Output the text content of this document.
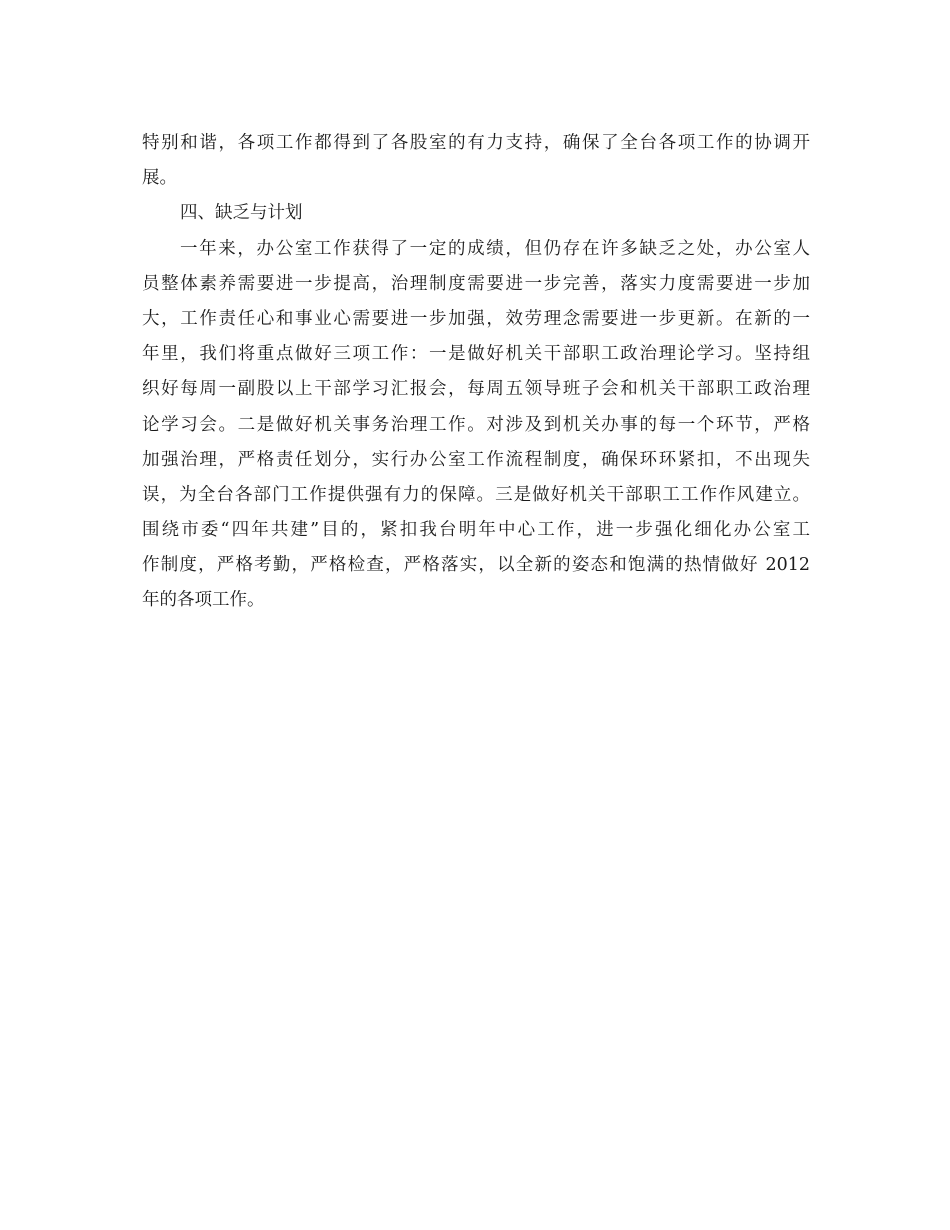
特别和谐，各项工作都得到了各股室的有力支持，确保了全台各项工作的协调开
展。
四、缺乏与计划
一年来，办公室工作获得了一定的成绩，但仍存在许多缺乏之处，办公室人
员整体素养需要进一步提高，治理制度需要进一步完善，落实力度需要进一步加
大，工作责任心和事业心需要进一步加强，效劳理念需要进一步更新。在新的一
年里，我们将重点做好三项工作：一是做好机关干部职工政治理论学习。坚持组
织好每周一副股以上干部学习汇报会，每周五领导班子会和机关干部职工政治理
论学习会。二是做好机关事务治理工作。对涉及到机关办事的每一个环节，严格
加强治理，严格责任划分，实行办公室工作流程制度，确保环环紧扣，不出现失
误，为全台各部门工作提供强有力的保障。三是做好机关干部职工工作作风建立。
围绕市委“四年共建”目的，紧扣我台明年中心工作，进一步强化细化办公室工
作制度，严格考勤，严格检查，严格落实，以全新的姿态和饱满的热情做好 2012
年的各项工作。
